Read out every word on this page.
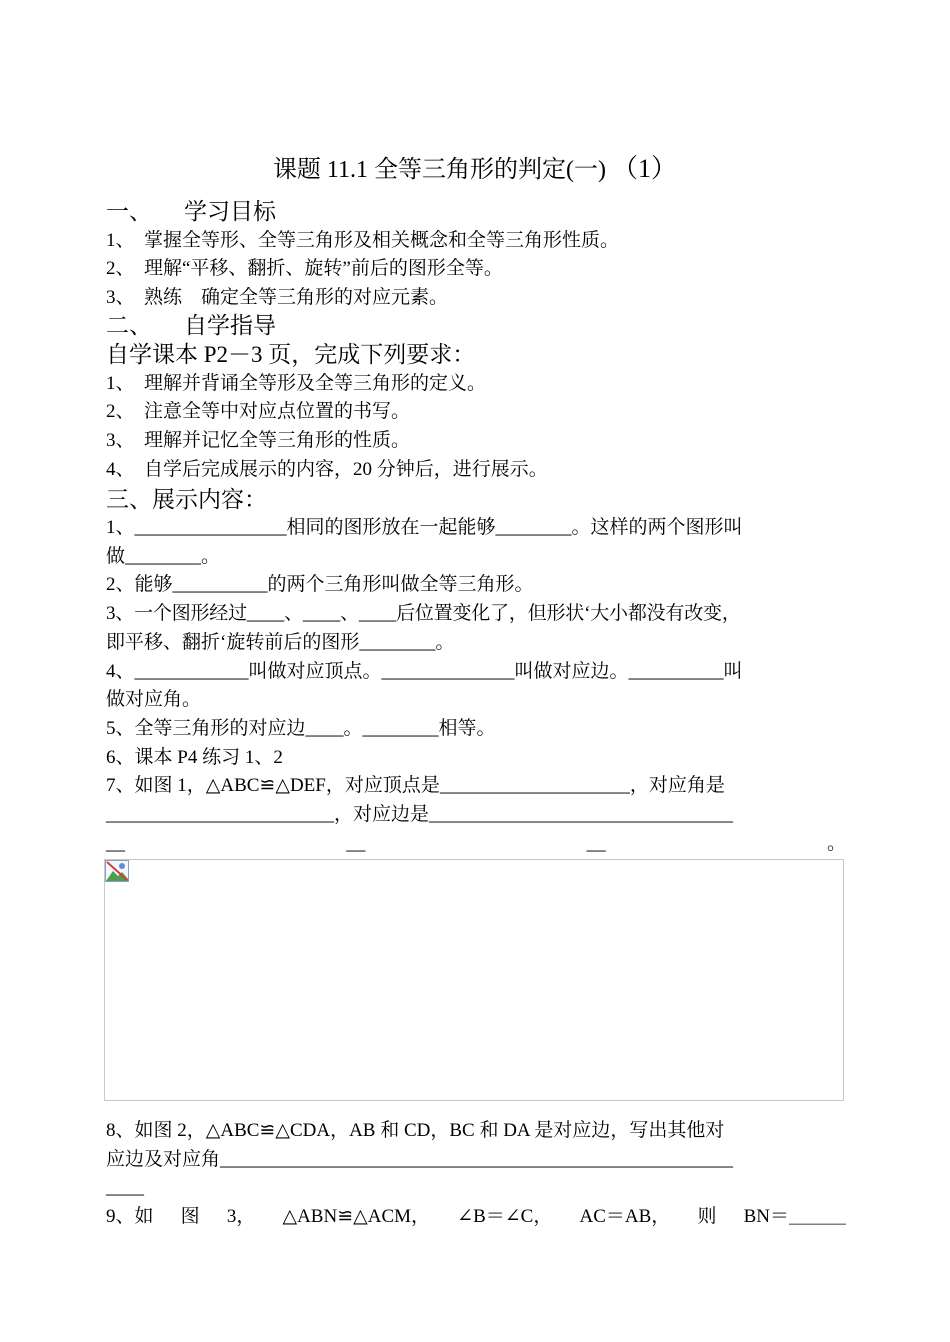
课题 11.1 全等三角形的判定(一) （1）
一、 学习目标
1、 掌握全等形、全等三角形及相关概念和全等三角形性质。
2、 理解“平移、翻折、旋转”前后的图形全等。
3、 熟练　确定全等三角形的对应元素。
二、 自学指导
自学课本 P2－3 页，完成下列要求：
1、 理解并背诵全等形及全等三角形的定义。
2、 注意全等中对应点位置的书写。
3、 理解并记忆全等三角形的性质。
4、 自学后完成展示的内容，20 分钟后，进行展示。
三、展示内容：
1、________________相同的图形放在一起能够________。这样的两个图形叫
做________。
2、能够__________的两个三角形叫做全等三角形。
3、一个图形经过____、____、____后位置变化了，但形状‘大小都没有改变，
即平移、翻折‘旋转前后的图形________。
4、____________叫做对应顶点。______________叫做对应边。__________叫
做对应角。
5、全等三角形的对应边____。________相等。
6、课本 P4 练习 1、2
7、如图 1，△ABC≌△DEF，对应顶点是____________________，对应角是
________________________，对应边是________________________________
__	__	__	。
8、如图 2，△ABC≌△CDA，AB 和 CD，BC 和 DA 是对应边，写出其他对
应边及对应角______________________________________________________
____
9、如 图 3， △ABN≌△ACM， ∠B＝∠C， AC＝AB， 则 BN＝＿＿＿
